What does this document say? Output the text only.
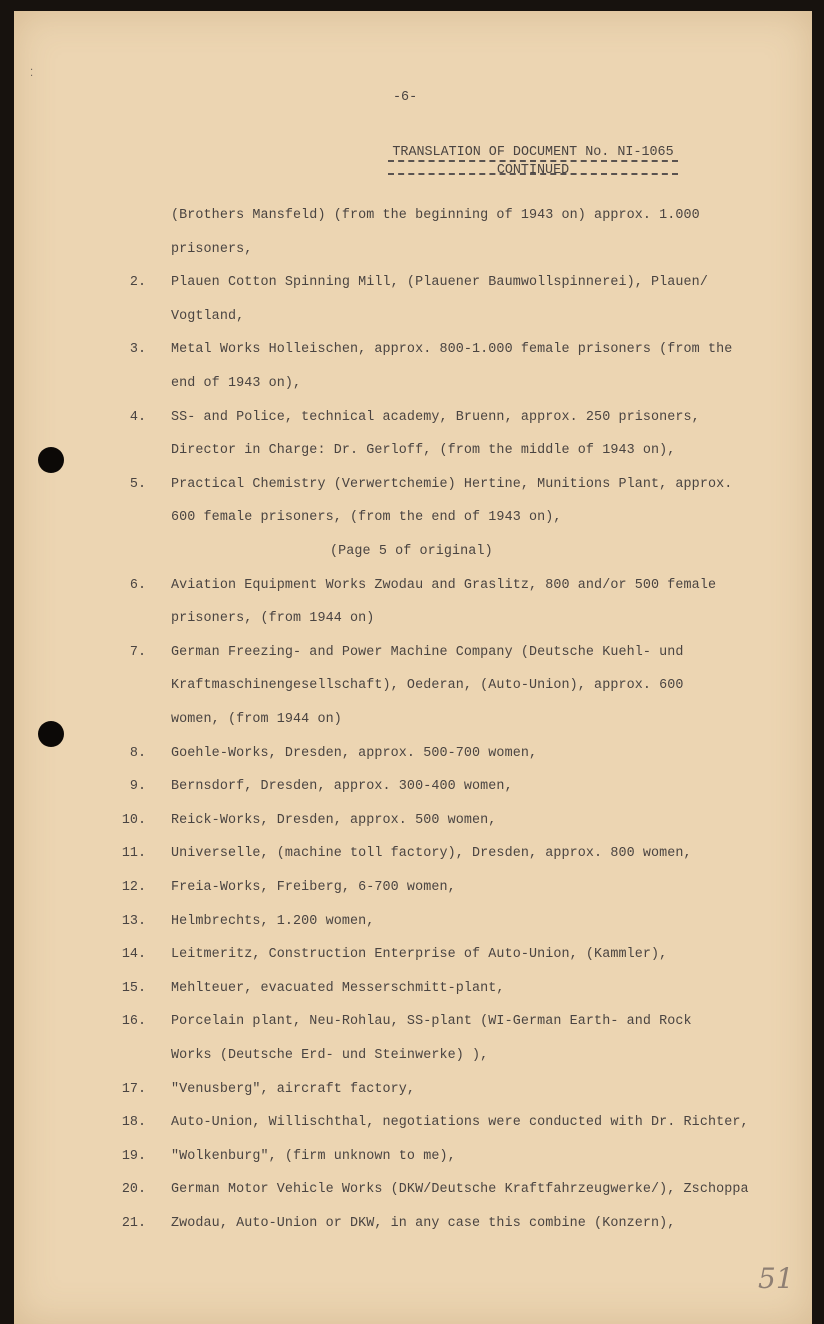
⁚
-6-
TRANSLATION OF DOCUMENT No. NI-1065
CONTINUED
(Brothers Mansfeld) (from the beginning of 1943 on) approx. 1.000
prisoners,
2. Plauen Cotton Spinning Mill, (Plauener Baumwollspinnerei), Plauen/
Vogtland,
3. Metal Works Holleischen, approx. 800-1.000 female prisoners (from the
end of 1943 on),
4. SS- and Police, technical academy, Bruenn, approx. 250 prisoners,
Director in Charge: Dr. Gerloff, (from the middle of 1943 on),
5. Practical Chemistry (Verwertchemie) Hertine, Munitions Plant, approx.
600 female prisoners, (from the end of 1943 on),
(Page 5 of original)
6. Aviation Equipment Works Zwodau and Graslitz, 800 and/or 500 female
prisoners, (from 1944 on)
7. German Freezing- and Power Machine Company (Deutsche Kuehl- und
Kraftmaschinengesellschaft), Oederan, (Auto-Union), approx. 600
women, (from 1944 on)
8. Goehle-Works, Dresden, approx. 500-700 women,
9. Bernsdorf, Dresden, approx. 300-400 women,
10. Reick-Works, Dresden, approx. 500 women,
11. Universelle, (machine toll factory), Dresden, approx. 800 women,
12. Freia-Works, Freiberg, 6-700 women,
13. Helmbrechts, 1.200 women,
14. Leitmeritz, Construction Enterprise of Auto-Union, (Kammler),
15. Mehlteuer, evacuated Messerschmitt-plant,
16. Porcelain plant, Neu-Rohlau, SS-plant (WI-German Earth- and Rock
Works (Deutsche Erd- und Steinwerke) ),
17. "Venusberg", aircraft factory,
18. Auto-Union, Willischthal, negotiations were conducted with Dr. Richter,
19. "Wolkenburg", (firm unknown to me),
20. German Motor Vehicle Works (DKW/Deutsche Kraftfahrzeugwerke/), Zschoppa
21. Zwodau, Auto-Union or DKW, in any case this combine (Konzern),
51
